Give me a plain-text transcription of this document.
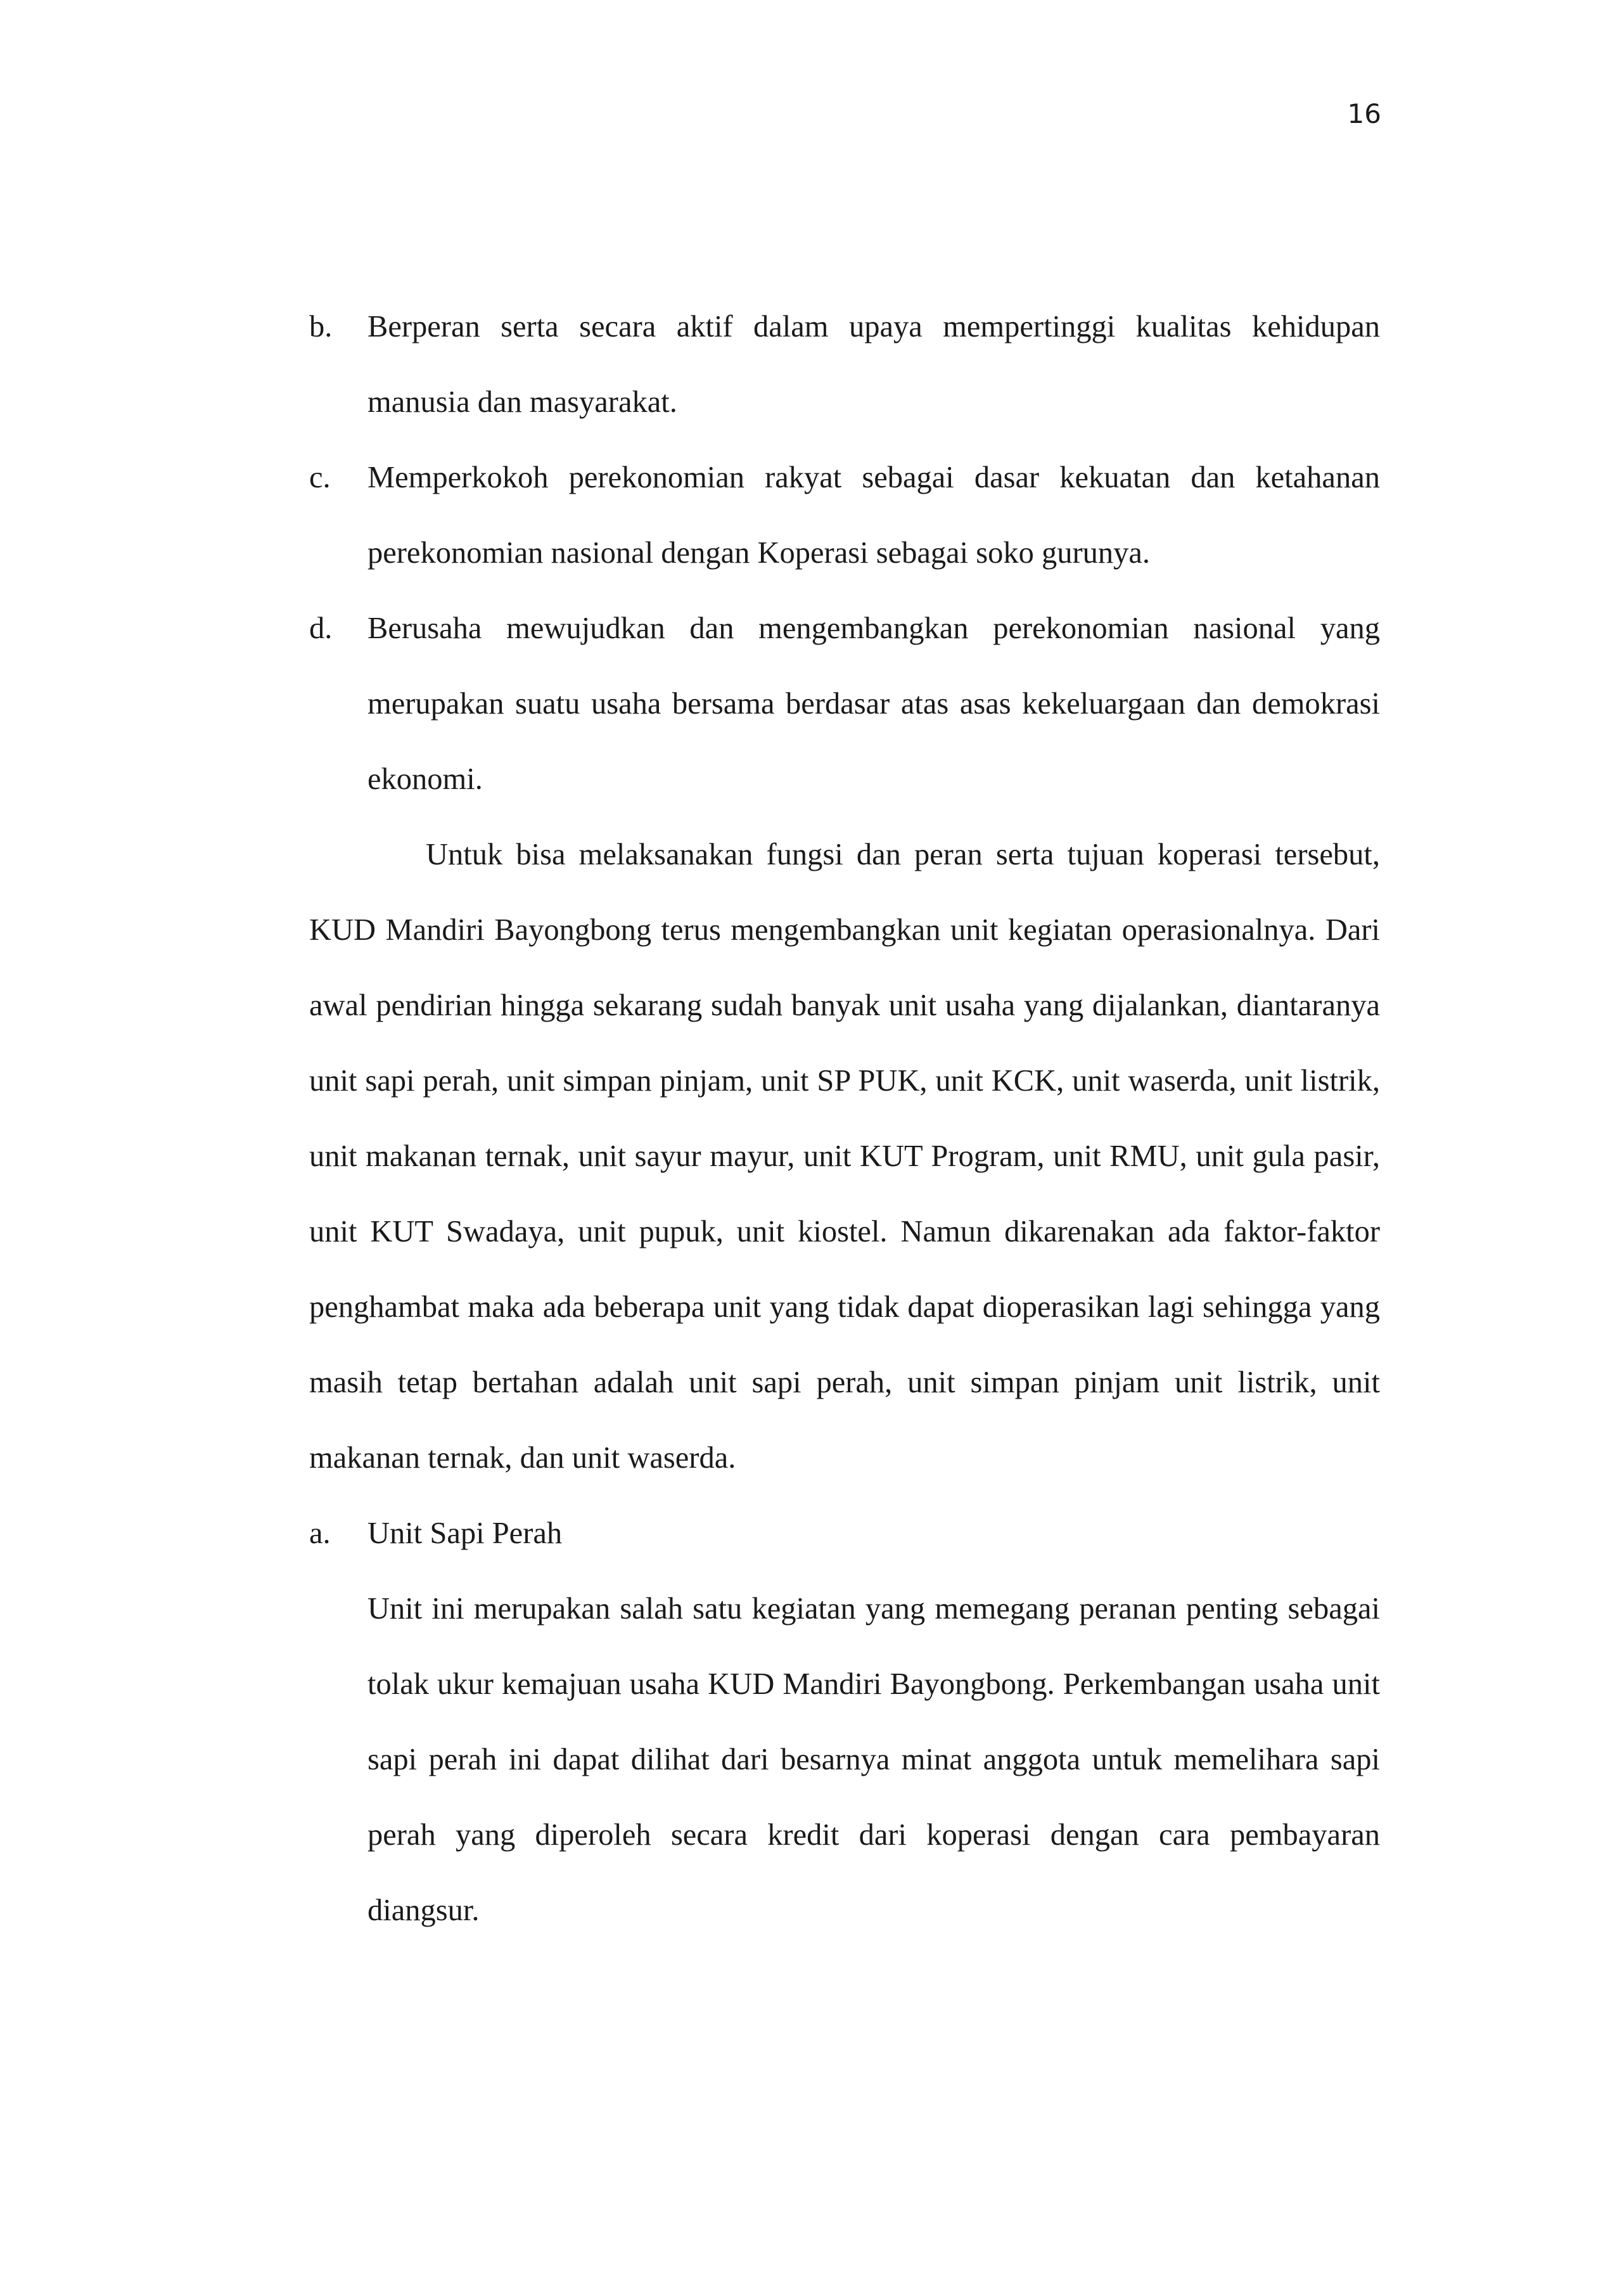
16
b.	Berperan serta secara aktif dalam upaya mempertinggi kualitas kehidupan manusia dan masyarakat.
c.	Memperkokoh perekonomian rakyat sebagai dasar kekuatan dan ketahanan perekonomian nasional dengan Koperasi sebagai soko gurunya.
d.	Berusaha mewujudkan dan mengembangkan perekonomian nasional yang merupakan suatu usaha bersama berdasar atas asas kekeluargaan dan demokrasi ekonomi.

Untuk bisa melaksanakan fungsi dan peran serta tujuan koperasi tersebut, KUD Mandiri Bayongbong terus mengembangkan unit kegiatan operasionalnya. Dari awal pendirian hingga sekarang sudah banyak unit usaha yang dijalankan, diantaranya unit sapi perah, unit simpan pinjam, unit SP PUK, unit KCK, unit waserda, unit listrik, unit makanan ternak, unit sayur mayur, unit KUT Program, unit RMU, unit gula pasir, unit KUT Swadaya, unit pupuk, unit kiostel. Namun dikarenakan ada faktor-faktor penghambat maka ada beberapa unit yang tidak dapat dioperasikan lagi sehingga yang masih tetap bertahan adalah unit sapi perah, unit simpan pinjam unit listrik, unit makanan ternak, dan unit waserda.

a.	Unit Sapi Perah

Unit ini merupakan salah satu kegiatan yang memegang peranan penting sebagai tolak ukur kemajuan usaha KUD Mandiri Bayongbong. Perkembangan usaha unit sapi perah ini dapat dilihat dari besarnya minat anggota untuk memelihara sapi perah yang diperoleh secara kredit dari koperasi dengan cara pembayaran diangsur.
